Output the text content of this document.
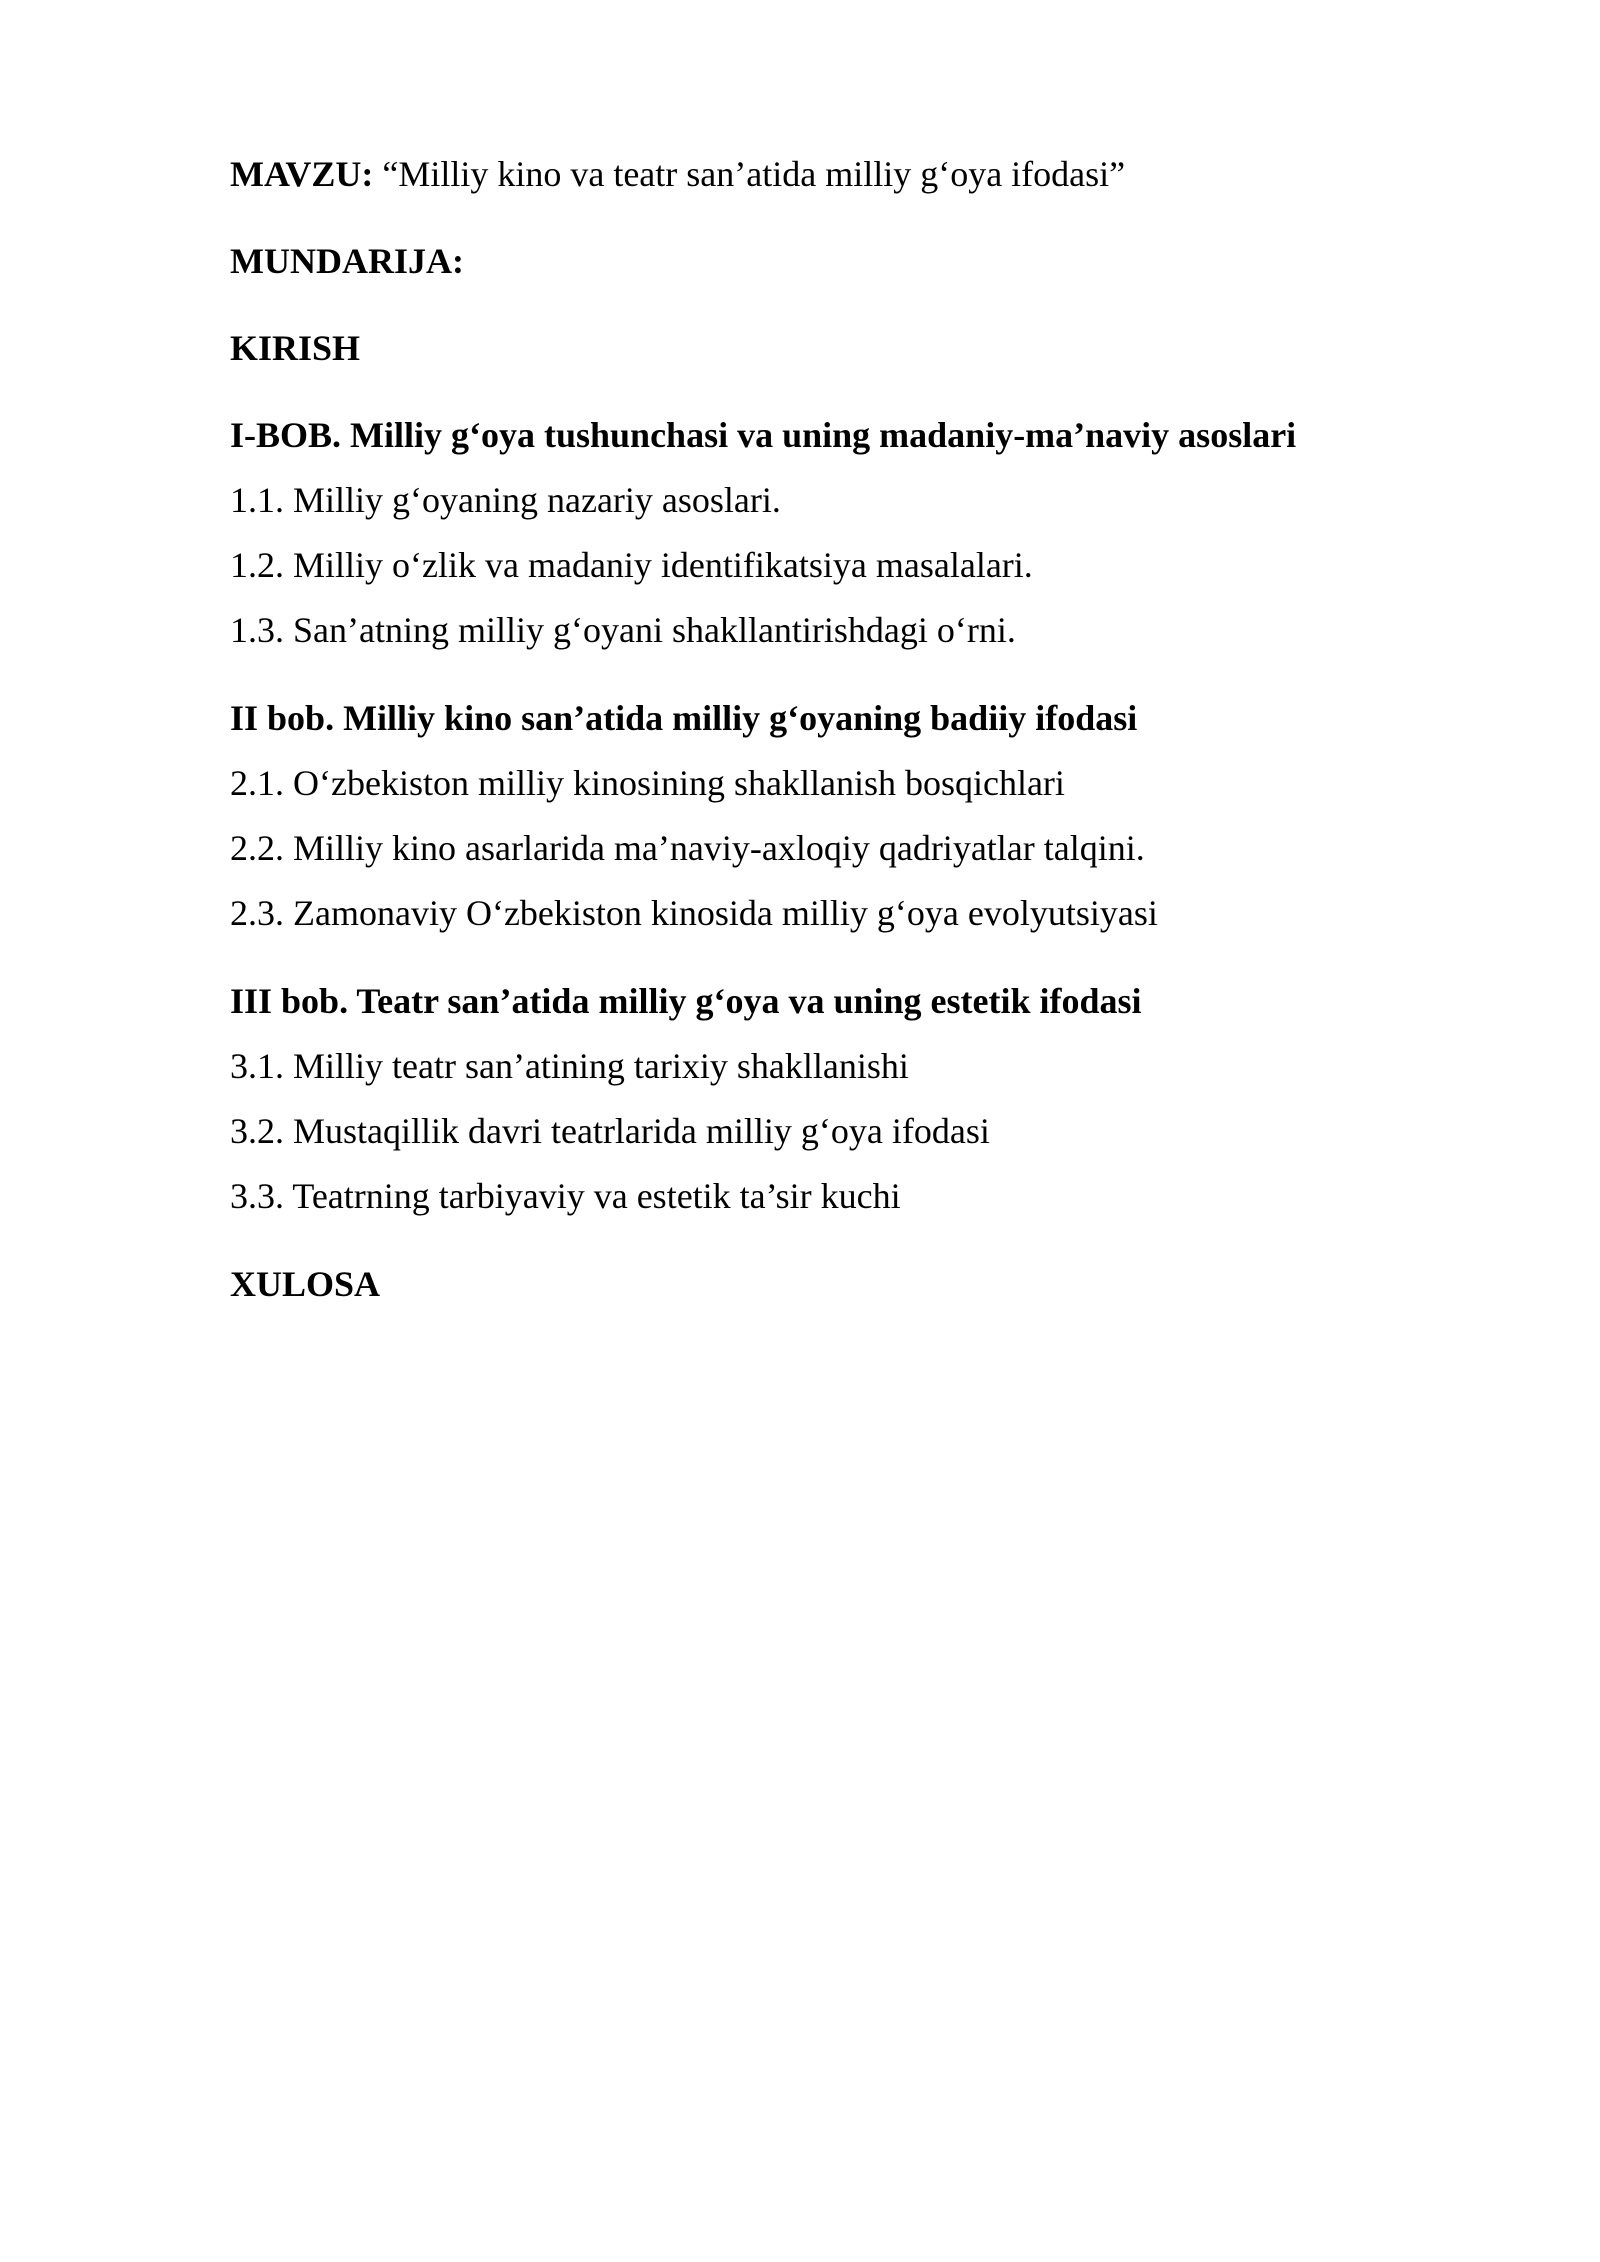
MAVZU: “Milliy kino va teatr san’atida milliy g‘oya ifodasi”
MUNDARIJA:
KIRISH
I-BOB. Milliy g‘oya tushunchasi va uning madaniy-ma’naviy asoslari
1.1. Milliy g‘oyaning nazariy asoslari.
1.2. Milliy o‘zlik va madaniy identifikatsiya masalalari.
1.3. San’atning milliy g‘oyani shakllantirishdagi o‘rni.
II bob. Milliy kino san’atida milliy g‘oyaning badiiy ifodasi
2.1. O‘zbekiston milliy kinosining shakllanish bosqichlari
2.2. Milliy kino asarlarida ma’naviy-axloqiy qadriyatlar talqini.
2.3. Zamonaviy O‘zbekiston kinosida milliy g‘oya evolyutsiyasi
III bob. Teatr san’atida milliy g‘oya va uning estetik ifodasi
3.1. Milliy teatr san’atining tarixiy shakllanishi
3.2. Mustaqillik davri teatrlarida milliy g‘oya ifodasi
3.3. Teatrning tarbiyaviy va estetik ta’sir kuchi
XULOSA
